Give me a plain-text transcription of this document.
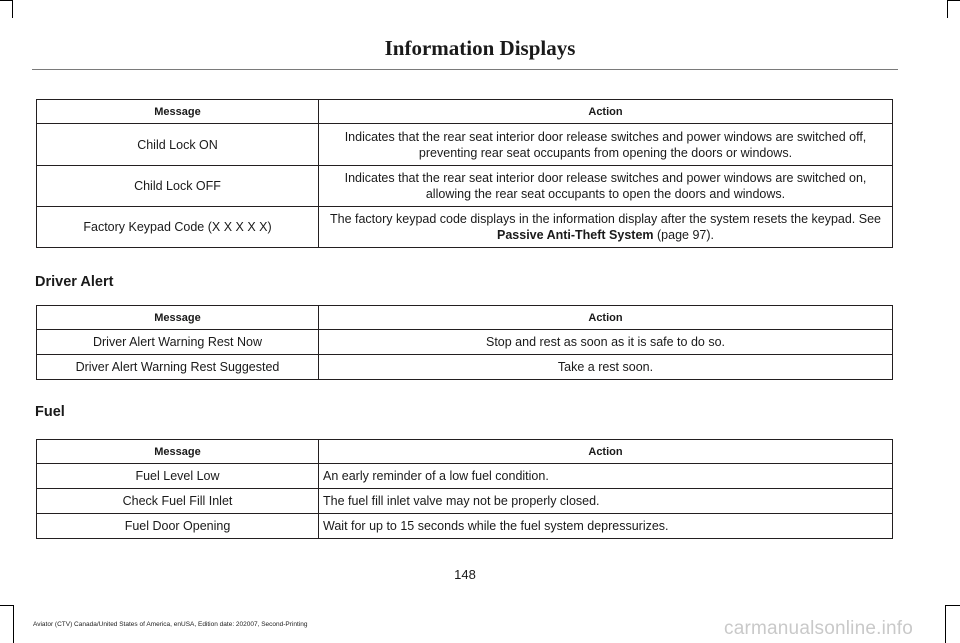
Information Displays
Message	Action
Child Lock ON	Indicates that the rear seat interior door release switches and power windows are switched off, preventing rear seat occupants from opening the doors or windows.
Child Lock OFF	Indicates that the rear seat interior door release switches and power windows are switched on, allowing the rear seat occupants to open the doors and windows.
Factory Keypad Code (X X X X X)	The factory keypad code displays in the information display after the system resets the keypad. See Passive Anti-Theft System (page 97).
Driver Alert
Message	Action
Driver Alert Warning Rest Now	Stop and rest as soon as it is safe to do so.
Driver Alert Warning Rest Suggested	Take a rest soon.
Fuel
Message	Action
Fuel Level Low	An early reminder of a low fuel condition.
Check Fuel Fill Inlet	The fuel fill inlet valve may not be properly closed.
Fuel Door Opening	Wait for up to 15 seconds while the fuel system depressurizes.
148
Aviator (CTV) Canada/United States of America, enUSA, Edition date: 202007, Second-Printing	carmanualsonline.info
